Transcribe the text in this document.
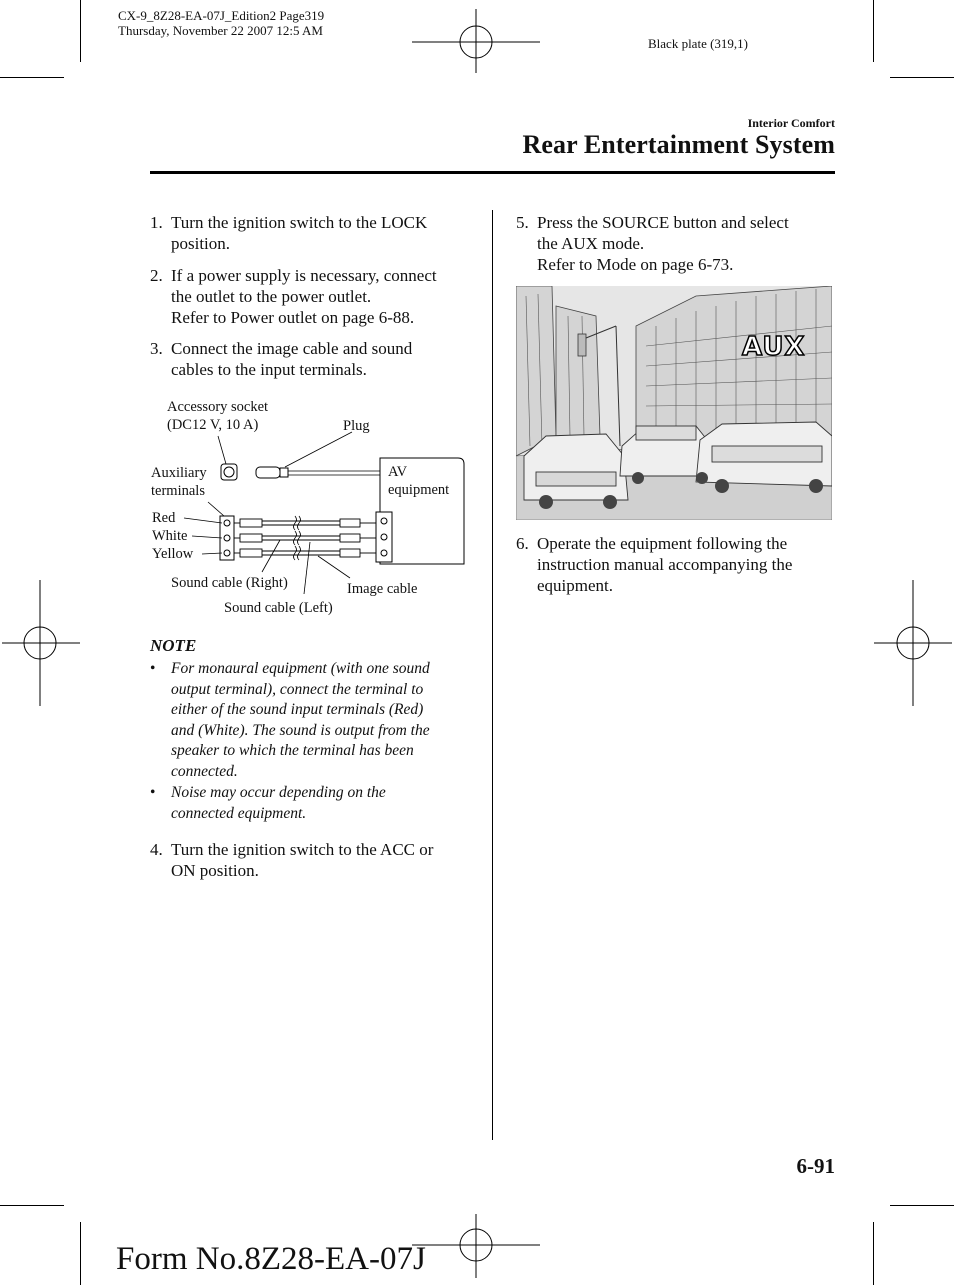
CX-9_8Z28-EA-07J_Edition2 Page319
Thursday, November 22 2007 12:5 AM
Black plate (319,1)
Interior Comfort
Rear Entertainment System
1. Turn the ignition switch to the LOCK
position.
2. If a power supply is necessary, connect
the outlet to the power outlet.
Refer to Power outlet on page 6-88.
3. Connect the image cable and sound
cables to the input terminals.
Accessory socket
(DC12 V, 10 A)	Plug
Auxiliary
terminals
AV
equipment
Red
White
Yellow
Sound cable (Right)	Image cable
Sound cable (Left)
NOTE
• For monaural equipment (with one sound
output terminal), connect the terminal to
either of the sound input terminals (Red)
and (White). The sound is output from the
speaker to which the terminal has been
connected.
• Noise may occur depending on the
connected equipment.
4. Turn the ignition switch to the ACC or
ON position.
5. Press the SOURCE button and select
the AUX mode.
Refer to Mode on page 6-73.
AUX
6. Operate the equipment following the
instruction manual accompanying the
equipment.
6-91
Form No.8Z28-EA-07J
